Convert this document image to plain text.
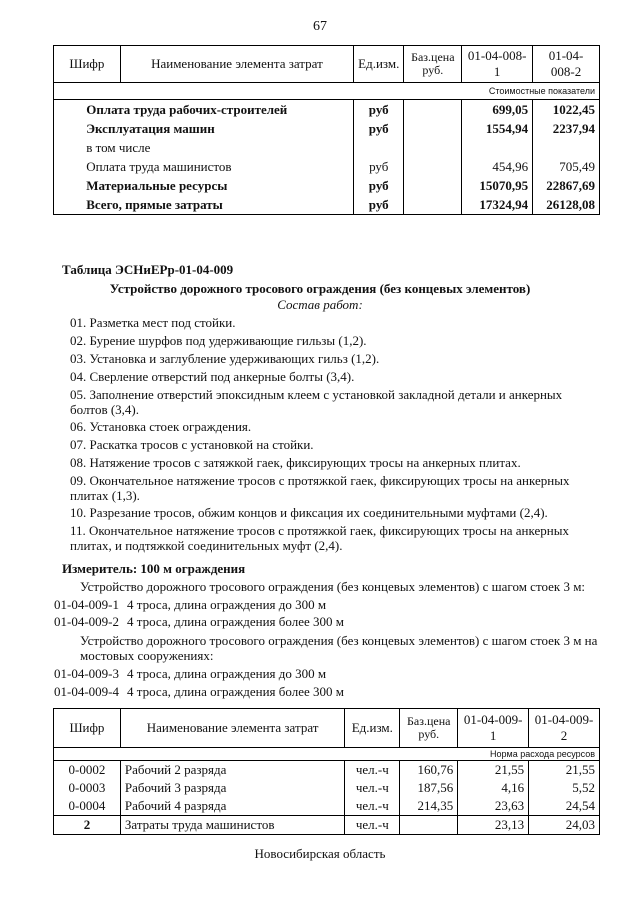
67
Шифр	Наименование элемента затрат	Ед.изм.	Баз.цена руб.	01-04-008-1	01-04-008-2
Стоимостные показатели
	Оплата труда рабочих-строителей	руб		699,05	1022,45
	Эксплуатация машин	руб		1554,94	2237,94
	в том числе				
	Оплата труда машинистов	руб		454,96	705,49
	Материальные ресурсы	руб		15070,95	22867,69
	Всего, прямые затраты	руб		17324,94	26128,08
Таблица ЭСНиЕРр-01-04-009
Устройство дорожного тросового ограждения (без концевых элементов)
Состав работ:
01. Разметка мест под стойки.
02. Бурение шурфов под удерживающие гильзы (1,2).
03. Установка и заглубление удерживающих гильз (1,2).
04. Сверление отверстий под анкерные болты (3,4).
05. Заполнение отверстий эпоксидным клеем с установкой закладной детали и анкерных болтов (3,4).
06. Установка стоек ограждения.
07. Раскатка тросов с установкой на стойки.
08. Натяжение тросов с затяжкой гаек, фиксирующих тросы на анкерных плитах.
09. Окончательное натяжение тросов с протяжкой гаек, фиксирующих тросы на анкерных плитах (1,3).
10. Разрезание тросов, обжим концов и фиксация их соединительными муфтами (2,4).
11. Окончательное натяжение тросов с протяжкой гаек, фиксирующих тросы на анкерных плитах, и подтяжкой соединительных муфт (2,4).
Измеритель: 100 м ограждения
Устройство дорожного тросового ограждения (без концевых элементов) с шагом стоек 3 м:
01-04-009-1 4 троса, длина ограждения до 300 м
01-04-009-2 4 троса, длина ограждения более 300 м
Устройство дорожного тросового ограждения (без концевых элементов) с шагом стоек 3 м на мостовых сооружениях:
01-04-009-3 4 троса, длина ограждения до 300 м
01-04-009-4 4 троса, длина ограждения более 300 м
Шифр	Наименование элемента затрат	Ед.изм.	Баз.цена руб.	01-04-009-1	01-04-009-2
Норма расхода ресурсов					
0-0002	Рабочий 2 разряда	чел.-ч	160,76	21,55	21,55
0-0003	Рабочий 3 разряда	чел.-ч	187,56	4,16	5,52
0-0004	Рабочий 4 разряда	чел.-ч	214,35	23,63	24,54
2	Затраты труда машинистов	чел.-ч		23,13	24,03
Новосибирская область
